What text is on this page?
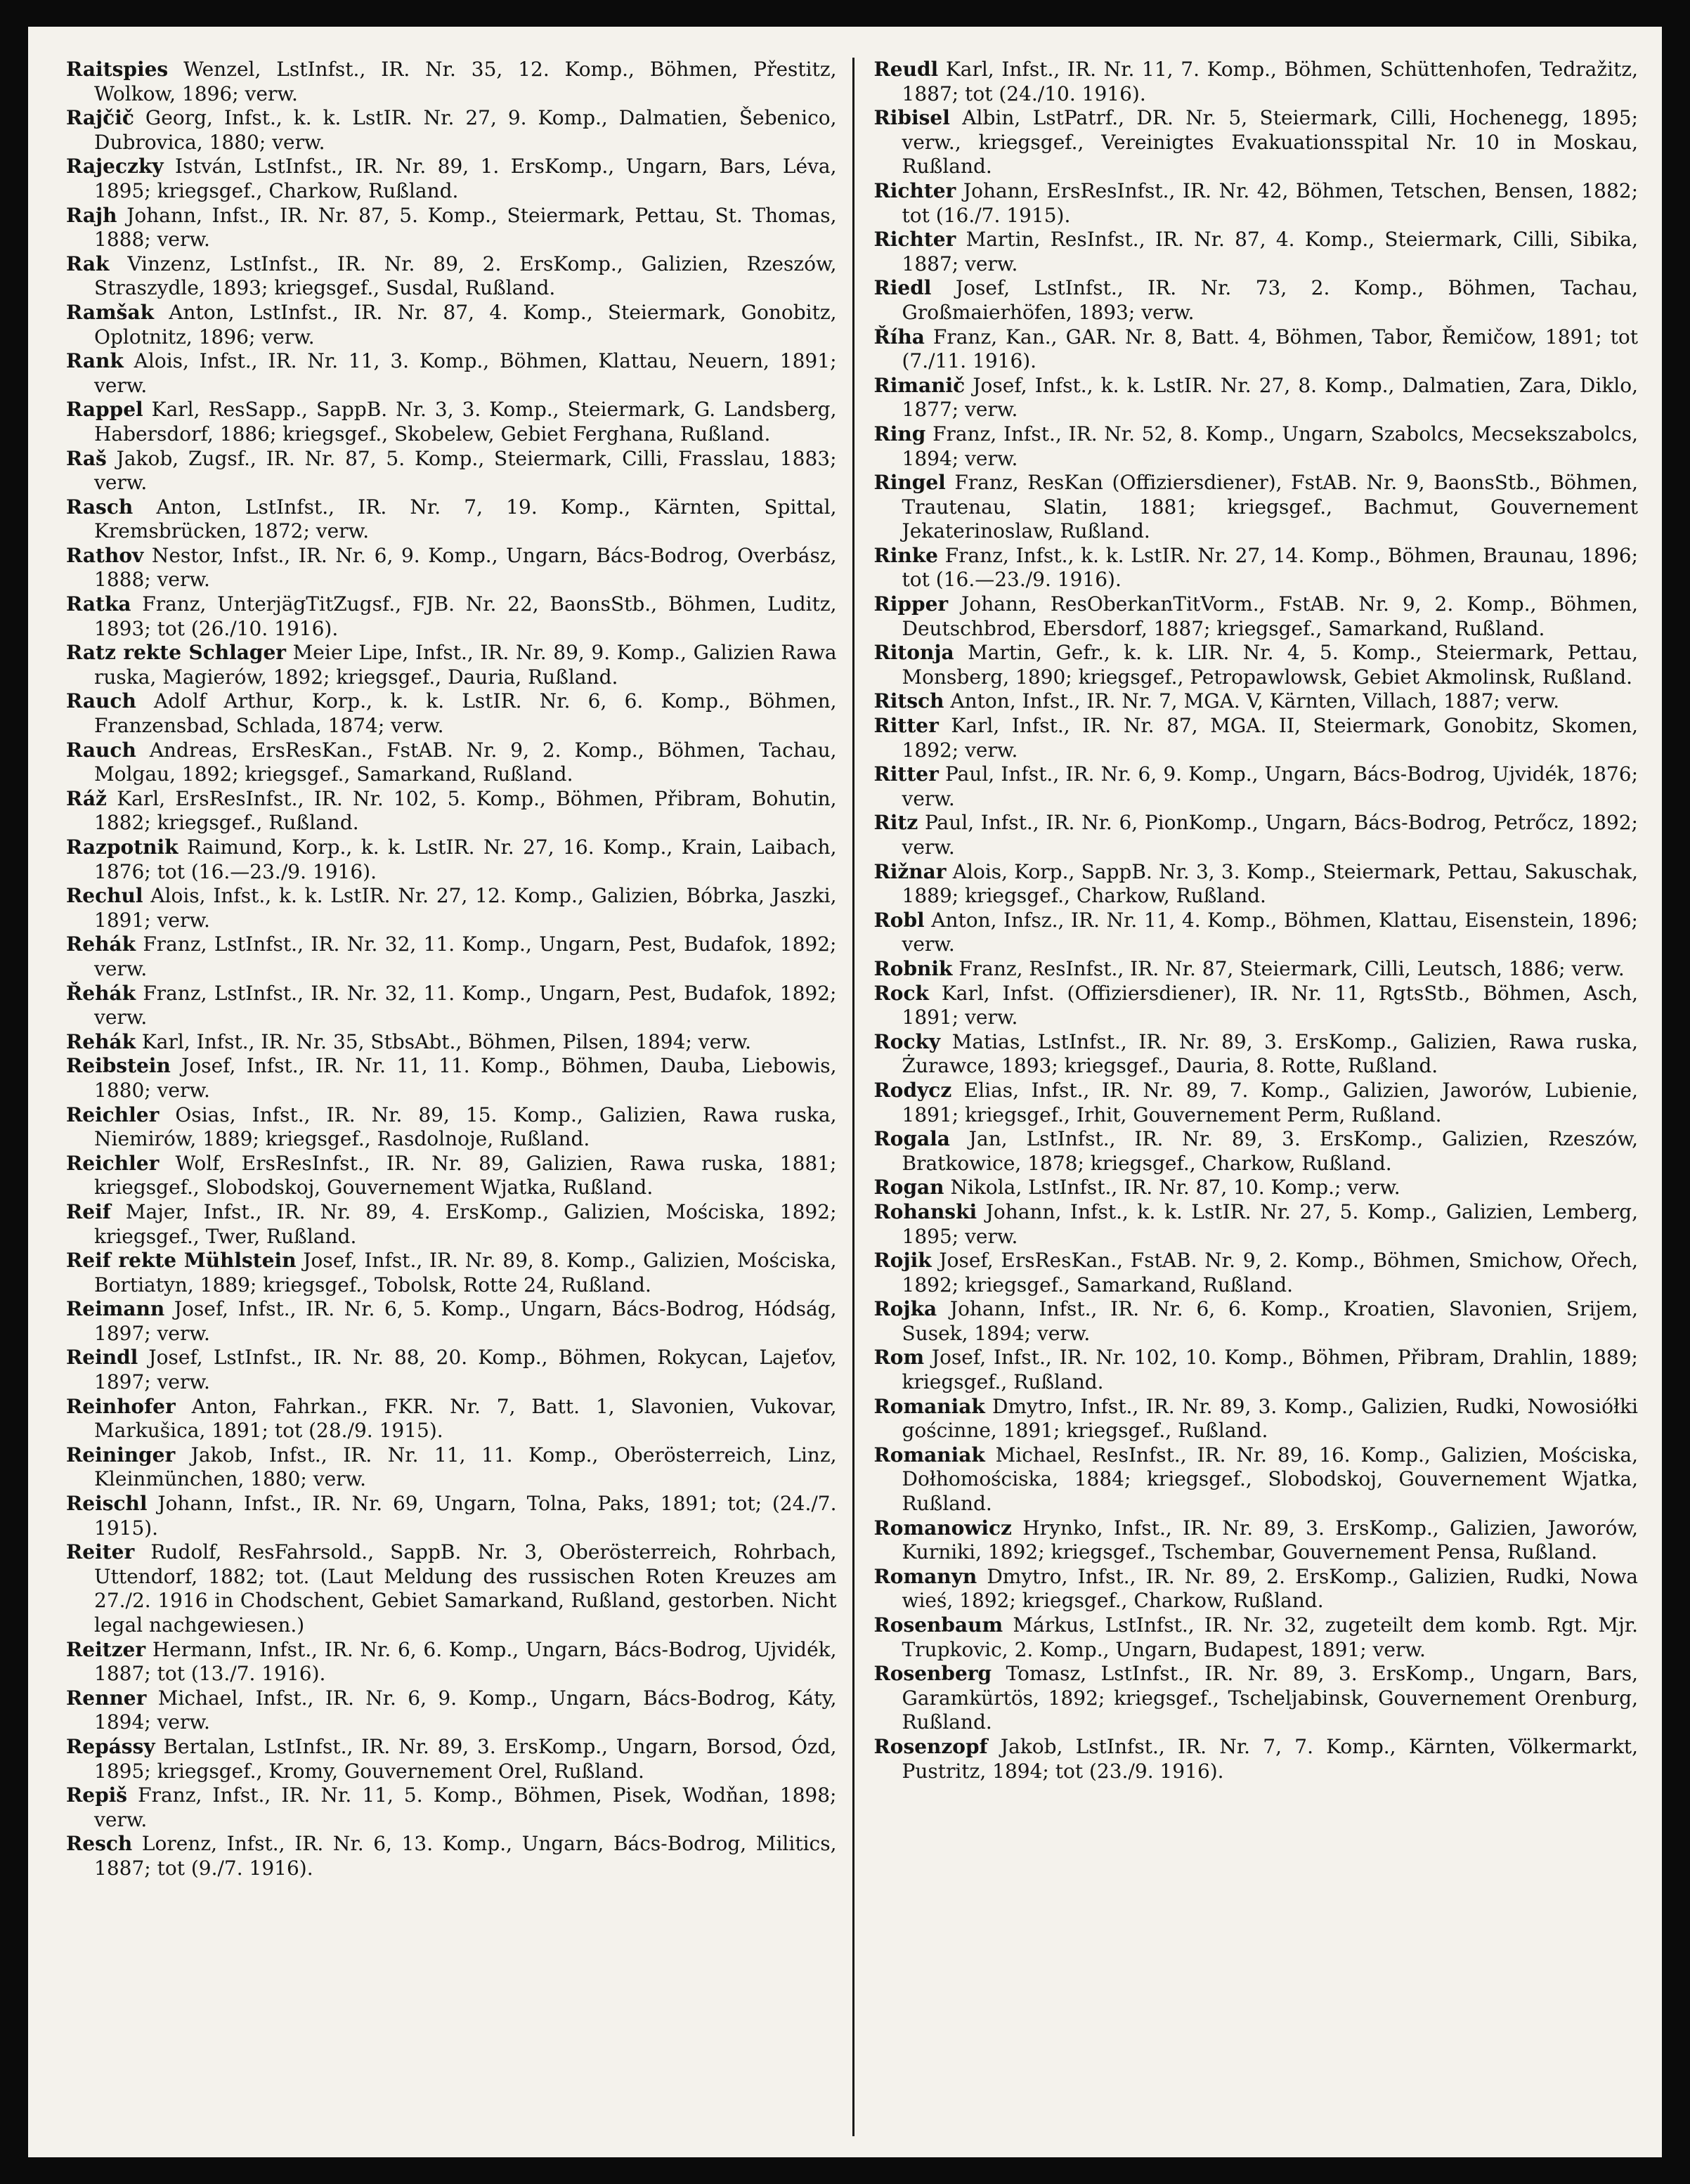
Raitspies Wenzel, LstInfst., IR. Nr. 35, 12. Komp., Böhmen, Přestitz, Wolkow, 1896; verw.

Rajčič Georg, Infst., k. k. LstIR. Nr. 27, 9. Komp., Dalmatien, Šebenico, Dubrovica, 1880; verw.

Rajeczky István, LstInfst., IR. Nr. 89, 1. ErsKomp., Ungarn, Bars, Léva, 1895; kriegsgef., Charkow, Rußland.

Rajh Johann, Infst., IR. Nr. 87, 5. Komp., Steiermark, Pettau, St. Thomas, 1888; verw.

Rak Vinzenz, LstInfst., IR. Nr. 89, 2. ErsKomp., Galizien, Rzeszów, Straszydle, 1893; kriegsgef., Susdal, Rußland.

Ramšak Anton, LstInfst., IR. Nr. 87, 4. Komp., Steiermark, Gonobitz, Oplotnitz, 1896; verw.

Rank Alois, Infst., IR. Nr. 11, 3. Komp., Böhmen, Klattau, Neuern, 1891; verw.

Rappel Karl, ResSapp., SappB. Nr. 3, 3. Komp., Steiermark, G. Landsberg, Habersdorf, 1886; kriegsgef., Skobelew, Gebiet Ferghana, Rußland.

Raš Jakob, Zugsf., IR. Nr. 87, 5. Komp., Steiermark, Cilli, Frasslau, 1883; verw.

Rasch Anton, LstInfst., IR. Nr. 7, 19. Komp., Kärnten, Spittal, Kremsbrücken, 1872; verw.

Rathov Nestor, Infst., IR. Nr. 6, 9. Komp., Ungarn, Bács-Bodrog, Overbász, 1888; verw.

Ratka Franz, UnterjägTitZugsf., FJB. Nr. 22, BaonsStb., Böhmen, Luditz, 1893; tot (26./10. 1916).

Ratz rekte Schlager Meier Lipe, Infst., IR. Nr. 89, 9. Komp., Galizien Rawa ruska, Magierów, 1892; kriegsgef., Dauria, Rußland.

Rauch Adolf Arthur, Korp., k. k. LstIR. Nr. 6, 6. Komp., Böhmen, Franzensbad, Schlada, 1874; verw.

Rauch Andreas, ErsResKan., FstAB. Nr. 9, 2. Komp., Böhmen, Tachau, Molgau, 1892; kriegsgef., Samarkand, Rußland.

Ráž Karl, ErsResInfst., IR. Nr. 102, 5. Komp., Böhmen, Přibram, Bohutin, 1882; kriegsgef., Rußland.

Razpotnik Raimund, Korp., k. k. LstIR. Nr. 27, 16. Komp., Krain, Laibach, 1876; tot (16.—23./9. 1916).

Rechul Alois, Infst., k. k. LstIR. Nr. 27, 12. Komp., Galizien, Bóbrka, Jaszki, 1891; verw.

Rehák Franz, LstInfst., IR. Nr. 32, 11. Komp., Ungarn, Pest, Budafok, 1892; verw.

Řehák Franz, LstInfst., IR. Nr. 32, 11. Komp., Ungarn, Pest, Budafok, 1892; verw.

Rehák Karl, Infst., IR. Nr. 35, StbsAbt., Böhmen, Pilsen, 1894; verw.

Reibstein Josef, Infst., IR. Nr. 11, 11. Komp., Böhmen, Dauba, Liebowis, 1880; verw.

Reichler Osias, Infst., IR. Nr. 89, 15. Komp., Galizien, Rawa ruska, Niemirów, 1889; kriegsgef., Rasdolnoje, Rußland.

Reichler Wolf, ErsResInfst., IR. Nr. 89, Galizien, Rawa ruska, 1881; kriegsgef., Slobodskoj, Gouvernement Wjatka, Rußland.

Reif Majer, Infst., IR. Nr. 89, 4. ErsKomp., Galizien, Mościska, 1892; kriegsgef., Twer, Rußland.

Reif rekte Mühlstein Josef, Infst., IR. Nr. 89, 8. Komp., Galizien, Mościska, Bortiatyn, 1889; kriegsgef., Tobolsk, Rotte 24, Rußland.

Reimann Josef, Infst., IR. Nr. 6, 5. Komp., Ungarn, Bács-Bodrog, Hódság, 1897; verw.

Reindl Josef, LstInfst., IR. Nr. 88, 20. Komp., Böhmen, Rokycan, Lajeťov, 1897; verw.

Reinhofer Anton, Fahrkan., FKR. Nr. 7, Batt. 1, Slavonien, Vukovar, Markušica, 1891; tot (28./9. 1915).

Reininger Jakob, Infst., IR. Nr. 11, 11. Komp., Oberösterreich, Linz, Kleinmünchen, 1880; verw.

Reischl Johann, Infst., IR. Nr. 69, Ungarn, Tolna, Paks, 1891; tot; (24./7. 1915).

Reiter Rudolf, ResFahrsold., SappB. Nr. 3, Oberösterreich, Rohrbach, Uttendorf, 1882; tot. (Laut Meldung des russischen Roten Kreuzes am 27./2. 1916 in Chodschent, Gebiet Samarkand, Rußland, gestorben. Nicht legal nachgewiesen.)

Reitzer Hermann, Infst., IR. Nr. 6, 6. Komp., Ungarn, Bács-Bodrog, Ujvidék, 1887; tot (13./7. 1916).

Renner Michael, Infst., IR. Nr. 6, 9. Komp., Ungarn, Bács-Bodrog, Káty, 1894; verw.

Repássy Bertalan, LstInfst., IR. Nr. 89, 3. ErsKomp., Ungarn, Borsod, Ózd, 1895; kriegsgef., Kromy, Gouvernement Orel, Rußland.

Repiš Franz, Infst., IR. Nr. 11, 5. Komp., Böhmen, Pisek, Wodňan, 1898; verw.

Resch Lorenz, Infst., IR. Nr. 6, 13. Komp., Ungarn, Bács-Bodrog, Militics, 1887; tot (9./7. 1916).

Reudl Karl, Infst., IR. Nr. 11, 7. Komp., Böhmen, Schüttenhofen, Tedražitz, 1887; tot (24./10. 1916).

Ribisel Albin, LstPatrf., DR. Nr. 5, Steiermark, Cilli, Hochenegg, 1895; verw., kriegsgef., Vereinigtes Evakuationsspital Nr. 10 in Moskau, Rußland.

Richter Johann, ErsResInfst., IR. Nr. 42, Böhmen, Tetschen, Bensen, 1882; tot (16./7. 1915).

Richter Martin, ResInfst., IR. Nr. 87, 4. Komp., Steiermark, Cilli, Sibika, 1887; verw.

Riedl Josef, LstInfst., IR. Nr. 73, 2. Komp., Böhmen, Tachau, Großmaierhöfen, 1893; verw.

Říha Franz, Kan., GAR. Nr. 8, Batt. 4, Böhmen, Tabor, Řemičow, 1891; tot (7./11. 1916).

Rimanič Josef, Infst., k. k. LstIR. Nr. 27, 8. Komp., Dalmatien, Zara, Diklo, 1877; verw.

Ring Franz, Infst., IR. Nr. 52, 8. Komp., Ungarn, Szabolcs, Mecsekszabolcs, 1894; verw.

Ringel Franz, ResKan (Offiziersdiener), FstAB. Nr. 9, BaonsStb., Böhmen, Trautenau, Slatin, 1881; kriegsgef., Bachmut, Gouvernement Jekaterinoslaw, Rußland.

Rinke Franz, Infst., k. k. LstIR. Nr. 27, 14. Komp., Böhmen, Braunau, 1896; tot (16.—23./9. 1916).

Ripper Johann, ResOberkanTitVorm., FstAB. Nr. 9, 2. Komp., Böhmen, Deutschbrod, Ebersdorf, 1887; kriegsgef., Samarkand, Rußland.

Ritonja Martin, Gefr., k. k. LIR. Nr. 4, 5. Komp., Steiermark, Pettau, Monsberg, 1890; kriegsgef., Petropawlowsk, Gebiet Akmolinsk, Rußland.

Ritsch Anton, Infst., IR. Nr. 7, MGA. V, Kärnten, Villach, 1887; verw.

Ritter Karl, Infst., IR. Nr. 87, MGA. II, Steiermark, Gonobitz, Skomen, 1892; verw.

Ritter Paul, Infst., IR. Nr. 6, 9. Komp., Ungarn, Bács-Bodrog, Ujvidék, 1876; verw.

Ritz Paul, Infst., IR. Nr. 6, PionKomp., Ungarn, Bács-Bodrog, Petrőcz, 1892; verw.

Rižnar Alois, Korp., SappB. Nr. 3, 3. Komp., Steiermark, Pettau, Sakuschak, 1889; kriegsgef., Charkow, Rußland.

Robl Anton, Infsz., IR. Nr. 11, 4. Komp., Böhmen, Klattau, Eisenstein, 1896; verw.

Robnik Franz, ResInfst., IR. Nr. 87, Steiermark, Cilli, Leutsch, 1886; verw.

Rock Karl, Infst. (Offiziersdiener), IR. Nr. 11, RgtsStb., Böhmen, Asch, 1891; verw.

Rocky Matias, LstInfst., IR. Nr. 89, 3. ErsKomp., Galizien, Rawa ruska, Żurawce, 1893; kriegsgef., Dauria, 8. Rotte, Rußland.

Rodycz Elias, Infst., IR. Nr. 89, 7. Komp., Galizien, Jaworów, Lubienie, 1891; kriegsgef., Irhit, Gouvernement Perm, Rußland.

Rogala Jan, LstInfst., IR. Nr. 89, 3. ErsKomp., Galizien, Rzeszów, Bratkowice, 1878; kriegsgef., Charkow, Rußland.

Rogan Nikola, LstInfst., IR. Nr. 87, 10. Komp.; verw.

Rohanski Johann, Infst., k. k. LstIR. Nr. 27, 5. Komp., Galizien, Lemberg, 1895; verw.

Rojik Josef, ErsResKan., FstAB. Nr. 9, 2. Komp., Böhmen, Smichow, Ořech, 1892; kriegsgef., Samarkand, Rußland.

Rojka Johann, Infst., IR. Nr. 6, 6. Komp., Kroatien, Slavonien, Srijem, Susek, 1894; verw.

Rom Josef, Infst., IR. Nr. 102, 10. Komp., Böhmen, Přibram, Drahlin, 1889; kriegsgef., Rußland.

Romaniak Dmytro, Infst., IR. Nr. 89, 3. Komp., Galizien, Rudki, Nowosiółki gościnne, 1891; kriegsgef., Rußland.

Romaniak Michael, ResInfst., IR. Nr. 89, 16. Komp., Galizien, Mościska, Dołhomościska, 1884; kriegsgef., Slobodskoj, Gouvernement Wjatka, Rußland.

Romanowicz Hrynko, Infst., IR. Nr. 89, 3. ErsKomp., Galizien, Jaworów, Kurniki, 1892; kriegsgef., Tschembar, Gouvernement Pensa, Rußland.

Romanyn Dmytro, Infst., IR. Nr. 89, 2. ErsKomp., Galizien, Rudki, Nowa wieś, 1892; kriegsgef., Charkow, Rußland.

Rosenbaum Márkus, LstInfst., IR. Nr. 32, zugeteilt dem komb. Rgt. Mjr. Trupkovic, 2. Komp., Ungarn, Budapest, 1891; verw.

Rosenberg Tomasz, LstInfst., IR. Nr. 89, 3. ErsKomp., Ungarn, Bars, Garamkürtös, 1892; kriegsgef., Tscheljabinsk, Gouvernement Orenburg, Rußland.

Rosenzopf Jakob, LstInfst., IR. Nr. 7, 7. Komp., Kärnten, Völkermarkt, Pustritz, 1894; tot (23./9. 1916).
